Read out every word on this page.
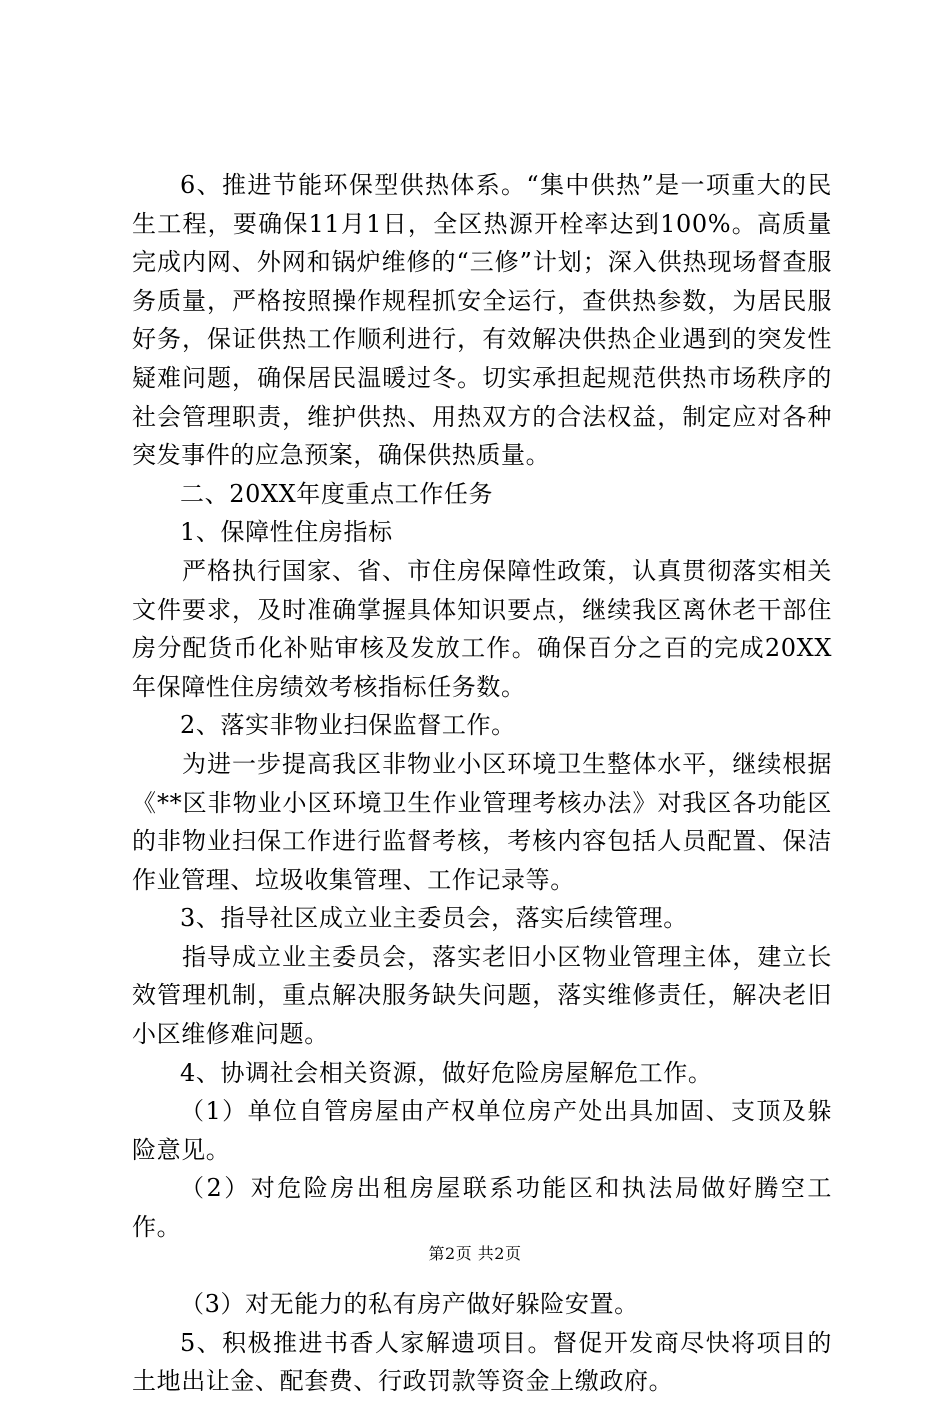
6、推进节能环保型供热体系。“集中供热”是一项重大的民生工程，要确保11月1日，全区热源开栓率达到100%。高质量完成内网、外网和锅炉维修的“三修”计划；深入供热现场督查服务质量，严格按照操作规程抓安全运行，查供热参数，为居民服好务，保证供热工作顺利进行，有效解决供热企业遇到的突发性疑难问题，确保居民温暖过冬。切实承担起规范供热市场秩序的社会管理职责，维护供热、用热双方的合法权益，制定应对各种突发事件的应急预案，确保供热质量。

二、20XX年度重点工作任务

1、保障性住房指标

严格执行国家、省、市住房保障性政策，认真贯彻落实相关文件要求，及时准确掌握具体知识要点，继续我区离休老干部住房分配货币化补贴审核及发放工作。确保百分之百的完成20XX年保障性住房绩效考核指标任务数。

2、落实非物业扫保监督工作。

为进一步提高我区非物业小区环境卫生整体水平，继续根据《**区非物业小区环境卫生作业管理考核办法》对我区各功能区的非物业扫保工作进行监督考核，考核内容包括人员配置、保洁作业管理、垃圾收集管理、工作记录等。

3、指导社区成立业主委员会，落实后续管理。

指导成立业主委员会，落实老旧小区物业管理主体，建立长效管理机制，重点解决服务缺失问题，落实维修责任，解决老旧小区维修难问题。

4、协调社会相关资源，做好危险房屋解危工作。

（1）单位自管房屋由产权单位房产处出具加固、支顶及躲险意见。

（2）对危险房出租房屋联系功能区和执法局做好腾空工作。

（3）对无能力的私有房产做好躲险安置。

5、积极推进书香人家解遗项目。督促开发商尽快将项目的土地出让金、配套费、行政罚款等资金上缴政府。

第2页 共2页
